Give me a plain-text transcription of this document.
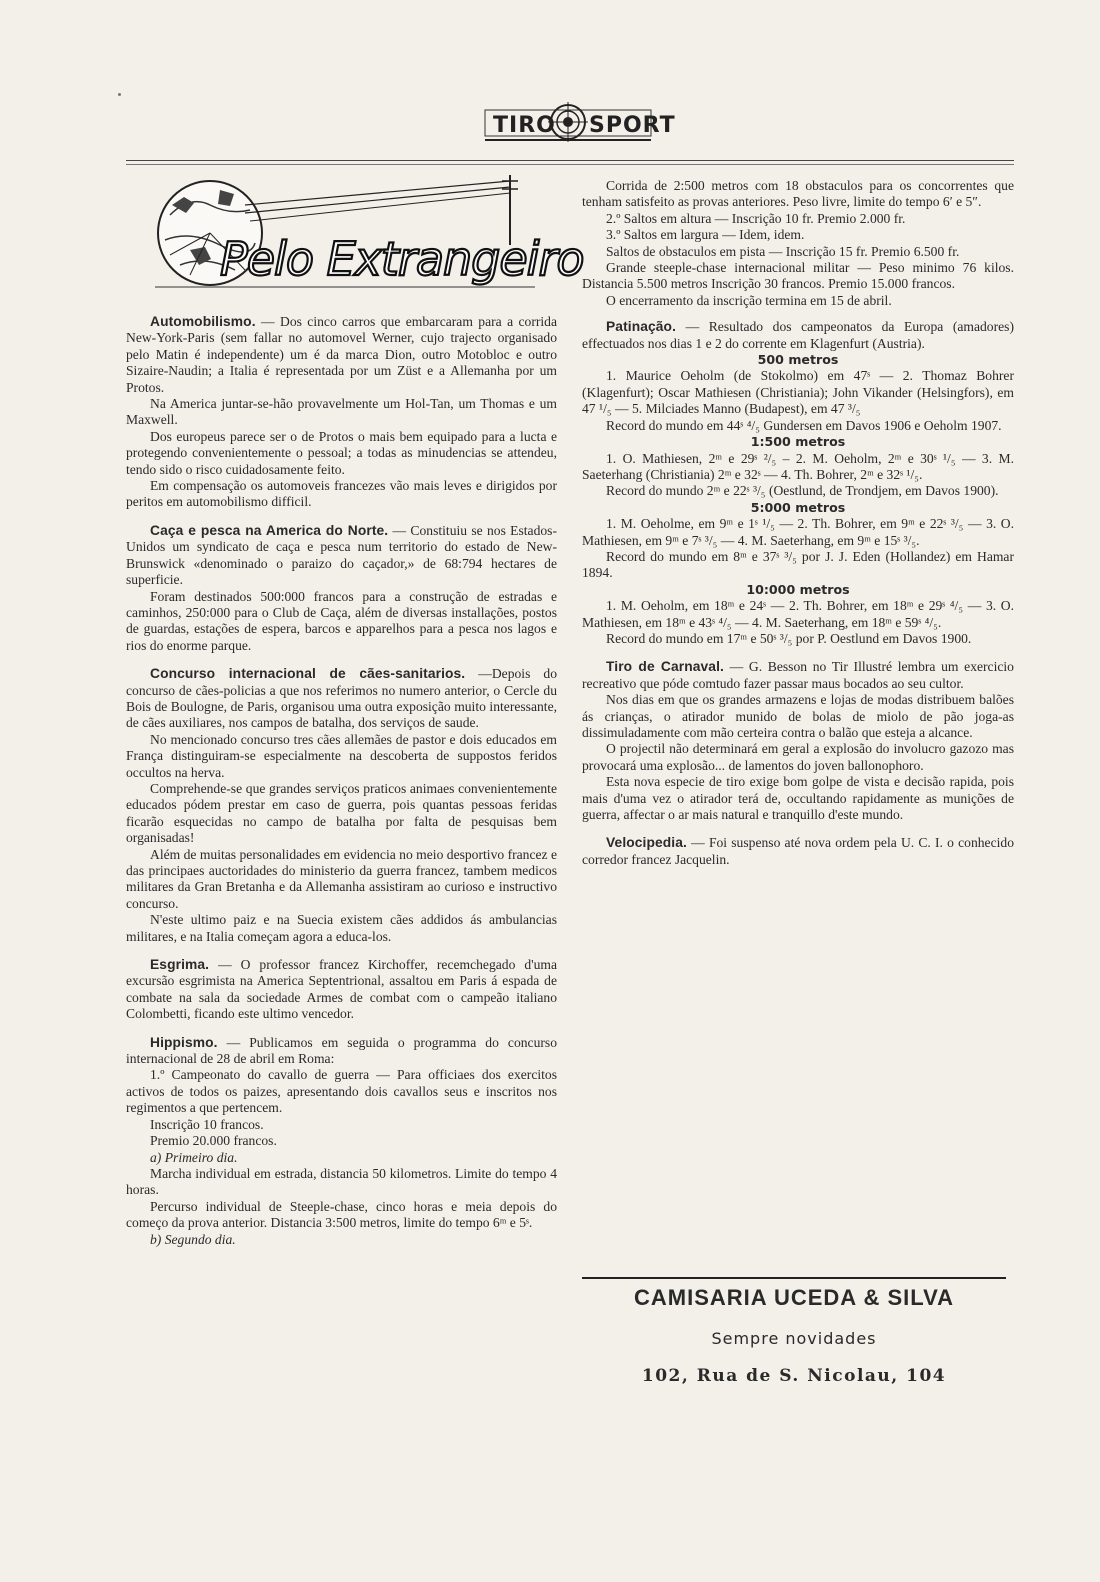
TIRO SPORT
Pelo Extrangeiro

Automobilismo. — Dos cinco carros que embarcaram para a corrida New-York-Paris (sem fallar no automovel Werner, cujo trajecto organisado pelo Matin é independente) um é da marca Dion, outro Motobloc e outro Sizaire-Naudin; a Italia é representada por um Züst e a Allemanha por um Protos.

Na America juntar-se-hão provavelmente um Hol-Tan, um Thomas e um Maxwell.

Dos europeus parece ser o de Protos o mais bem equipado para a lucta e protegendo convenientemente o pessoal; a todas as minudencias se attendeu, tendo sido o risco cuidadosamente feito.

Em compensação os automoveis francezes vão mais leves e dirigidos por peritos em automobilismo difficil.

Caça e pesca na America do Norte. — Constituiu se nos Estados-Unidos um syndicato de caça e pesca num territorio do estado de New-Brunswick «denominado o paraizo do caçador,» de 68:794 hectares de superficie.

Foram destinados 500:000 francos para a construção de estradas e caminhos, 250:000 para o Club de Caça, além de diversas installações, postos de guardas, estações de espera, barcos e apparelhos para a pesca nos lagos e rios do enorme parque.

Concurso internacional de cães-sanitarios. —Depois do concurso de cães-policias a que nos referimos no numero anterior, o Cercle du Bois de Boulogne, de Paris, organisou uma outra exposição muito interessante, de cães auxiliares, nos campos de batalha, dos serviços de saude.

No mencionado concurso tres cães allemães de pastor e dois educados em França distinguiram-se especialmente na descoberta de suppostos feridos occultos na herva.

Comprehende-se que grandes serviços praticos animaes convenientemente educados pódem prestar em caso de guerra, pois quantas pessoas feridas ficarão esquecidas no campo de batalha por falta de pesquisas bem organisadas!

Além de muitas personalidades em evidencia no meio desportivo francez e das principaes auctoridades do ministerio da guerra francez, tambem medicos militares da Gran Bretanha e da Allemanha assistiram ao curioso e instructivo concurso.

N'este ultimo paiz e na Suecia existem cães addidos ás ambulancias militares, e na Italia começam agora a educa-los.

Esgrima. — O professor francez Kirchoffer, recemchegado d'uma excursão esgrimista na America Septentrional, assaltou em Paris á espada de combate na sala da sociedade Armes de combat com o campeão italiano Colombetti, ficando este ultimo vencedor.

Hippismo. — Publicamos em seguida o programma do concurso internacional de 28 de abril em Roma:

1.º Campeonato do cavallo de guerra — Para officiaes dos exercitos activos de todos os paizes, apresentando dois cavallos seus e inscritos nos regimentos a que pertencem.

Inscrição 10 francos.

Premio 20.000 francos.

a) Primeiro dia.

Marcha individual em estrada, distancia 50 kilometros. Limite do tempo 4 horas.

Percurso individual de Steeple-chase, cinco horas e meia depois do começo da prova anterior. Distancia 3:500 metros, limite do tempo 6ᵐ e 5ˢ.

b) Segundo dia.

Corrida de 2:500 metros com 18 obstaculos para os concorrentes que tenham satisfeito as provas anteriores. Peso livre, limite do tempo 6′ e 5″.

2.º Saltos em altura — Inscrição 10 fr. Premio 2.000 fr.

3.º Saltos em largura — Idem, idem.

Saltos de obstaculos em pista — Inscrição 15 fr. Premio 6.500 fr.

Grande steeple-chase internacional militar — Peso minimo 76 kilos. Distancia 5.500 metros Inscrição 30 francos. Premio 15.000 francos.

O encerramento da inscrição termina em 15 de abril.

Patinação. — Resultado dos campeonatos da Europa (amadores) effectuados nos dias 1 e 2 do corrente em Klagenfurt (Austria).

500 metros

1. Maurice Oeholm (de Stokolmo) em 47ˢ — 2. Thomaz Bohrer (Klagenfurt); Oscar Mathiesen (Christiania); John Vikander (Helsingfors), em 47 ¹/₅ — 5. Milciades Manno (Budapest), em 47 ³/₅

Record do mundo em 44ˢ ⁴/₅ Gundersen em Davos 1906 e Oeholm 1907.

1:500 metros

1. O. Mathiesen, 2ᵐ e 29ˢ ²/₅ – 2. M. Oeholm, 2ᵐ e 30ˢ ¹/₅ — 3. M. Saeterhang (Christiania) 2ᵐ e 32ˢ — 4. Th. Bohrer, 2ᵐ e 32ˢ ¹/₅.

Record do mundo 2ᵐ e 22ˢ ³/₅ (Oestlund, de Trondjem, em Davos 1900).

5:000 metros

1. M. Oeholme, em 9ᵐ e 1ˢ ¹/₅ — 2. Th. Bohrer, em 9ᵐ e 22ˢ ³/₅ — 3. O. Mathiesen, em 9ᵐ e 7ˢ ³/₅ — 4. M. Saeterhang, em 9ᵐ e 15ˢ ³/₅.

Record do mundo em 8ᵐ e 37ˢ ³/₅ por J. J. Eden (Hollandez) em Hamar 1894.

10:000 metros

1. M. Oeholm, em 18ᵐ e 24ˢ — 2. Th. Bohrer, em 18ᵐ e 29ˢ ⁴/₅ — 3. O. Mathiesen, em 18ᵐ e 43ˢ ⁴/₅ — 4. M. Saeterhang, em 18ᵐ e 59ˢ ⁴/₅.

Record do mundo em 17ᵐ e 50ˢ ³/₅ por P. Oestlund em Davos 1900.

Tiro de Carnaval. — G. Besson no Tir Illustré lembra um exercicio recreativo que póde comtudo fazer passar maus bocados ao seu cultor.

Nos dias em que os grandes armazens e lojas de modas distribuem balões ás crianças, o atirador munido de bolas de miolo de pão joga-as dissimuladamente com mão certeira contra o balão que esteja a alcance.

O projectil não determinará em geral a explosão do involucro gazozo mas provocará uma explosão... de lamentos do joven ballonophoro.

Esta nova especie de tiro exige bom golpe de vista e decisão rapida, pois mais d'uma vez o atirador terá de, occultando rapidamente as munições de guerra, affectar o ar mais natural e tranquillo d'este mundo.

Velocipedia. — Foi suspenso até nova ordem pela U. C. I. o conhecido corredor francez Jacquelin.

CAMISARIA UCEDA & SILVA
Sempre novidades
102, Rua de S. Nicolau, 104
